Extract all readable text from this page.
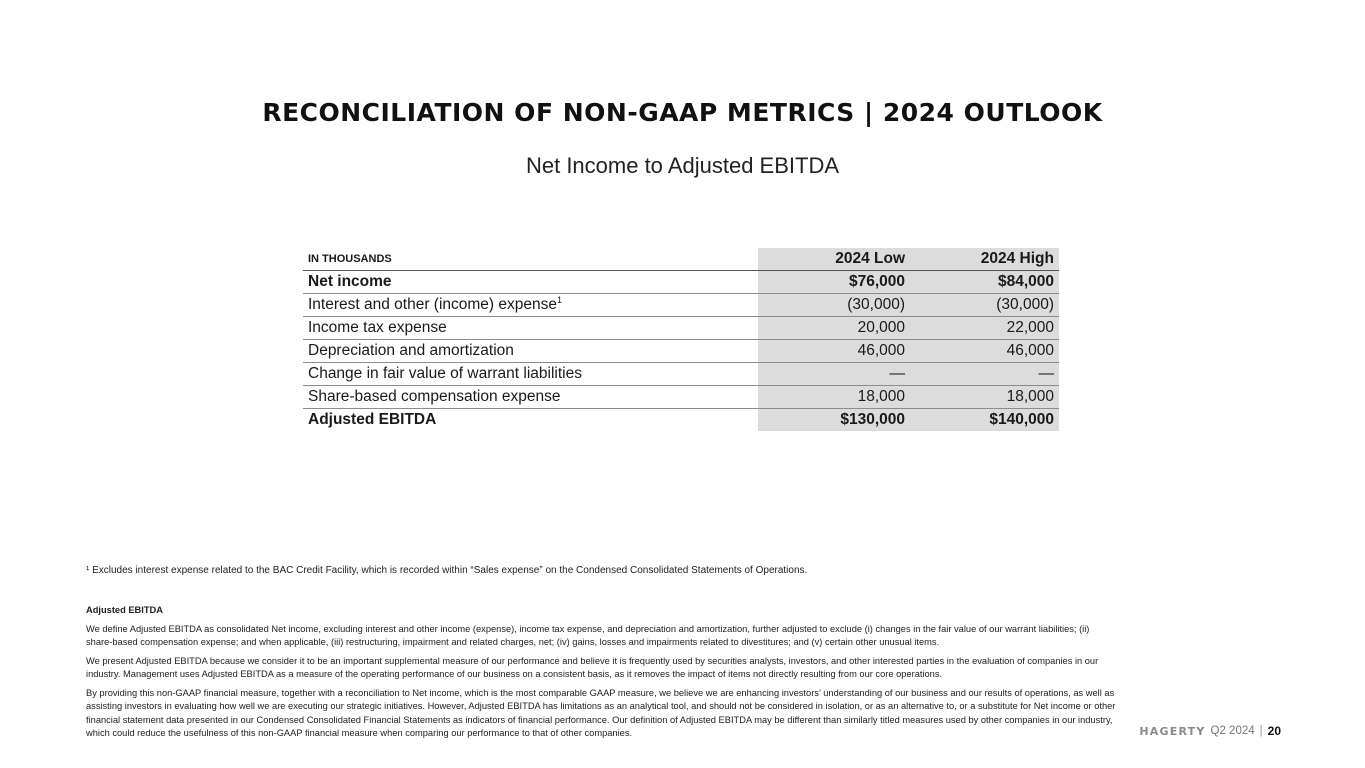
RECONCILIATION OF NON-GAAP METRICS | 2024 OUTLOOK
Net Income to Adjusted EBITDA
IN THOUSANDS	2024 Low	2024 High
Net income	$76,000	$84,000
Interest and other (income) expense$^1$	(30,000)	(30,000)
Income tax expense	20,000	22,000
Depreciation and amortization	46,000	46,000
Change in fair value of warrant liabilities	—	—
Share-based compensation expense	18,000	18,000
Adjusted EBITDA	$130,000	$140,000
¹ Excludes interest expense related to the BAC Credit Facility, which is recorded within “Sales expense” on the Condensed Consolidated Statements of Operations.
Adjusted EBITDA

We define Adjusted EBITDA as consolidated Net income, excluding interest and other income (expense), income tax expense, and depreciation and amortization, further adjusted to exclude (i) changes in the fair value of our warrant liabilities; (ii) share-based compensation expense; and when applicable, (iii) restructuring, impairment and related charges, net; (iv) gains, losses and impairments related to divestitures; and (v) certain other unusual items.

We present Adjusted EBITDA because we consider it to be an important supplemental measure of our performance and believe it is frequently used by securities analysts, investors, and other interested parties in the evaluation of companies in our industry. Management uses Adjusted EBITDA as a measure of the operating performance of our business on a consistent basis, as it removes the impact of items not directly resulting from our core operations.

By providing this non-GAAP financial measure, together with a reconciliation to Net income, which is the most comparable GAAP measure, we believe we are enhancing investors’ understanding of our business and our results of operations, as well as assisting investors in evaluating how well we are executing our strategic initiatives. However, Adjusted EBITDA has limitations as an analytical tool, and should not be considered in isolation, or as an alternative to, or a substitute for Net income or other financial statement data presented in our Condensed Consolidated Financial Statements as indicators of financial performance. Our definition of Adjusted EBITDA may be different than similarly titled measures used by other companies in our industry, which could reduce the usefulness of this non-GAAP financial measure when comparing our performance to that of other companies.	HAGERTY Q2 2024 | 20
